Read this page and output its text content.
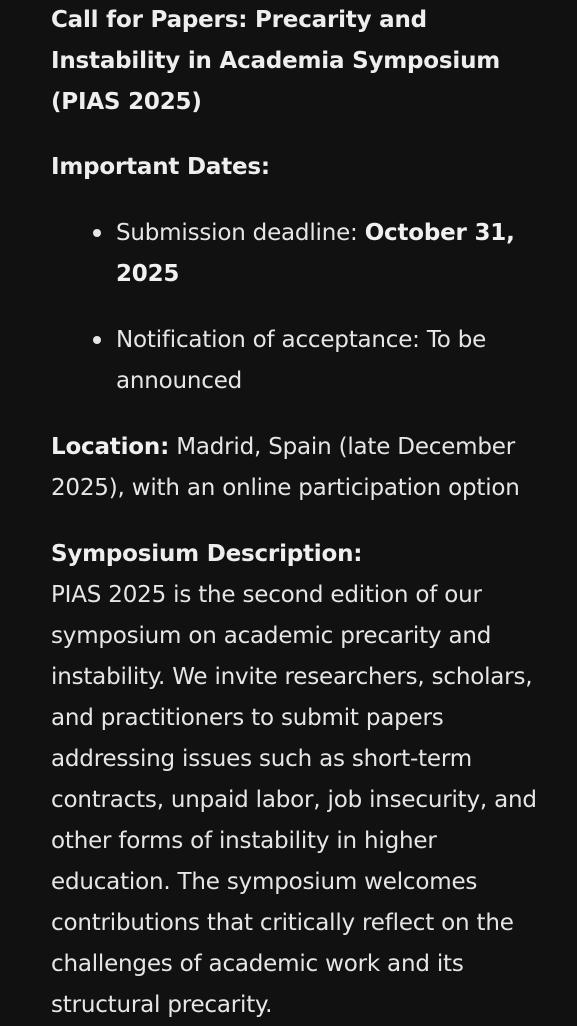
Call for Papers: Precarity and Instability in Academia Symposium (PIAS 2025)
Important Dates:
Submission deadline: October 31, 2025
Notification of acceptance: To be announced

Location: Madrid, Spain (late December 2025), with an online participation option

Symposium Description:

PIAS 2025 is the second edition of our symposium on academic precarity and instability. We invite researchers, scholars, and practitioners to submit papers addressing issues such as short-term contracts, unpaid labor, job insecurity, and other forms of instability in higher education. The symposium welcomes contributions that critically reflect on the challenges of academic work and its structural precarity.
